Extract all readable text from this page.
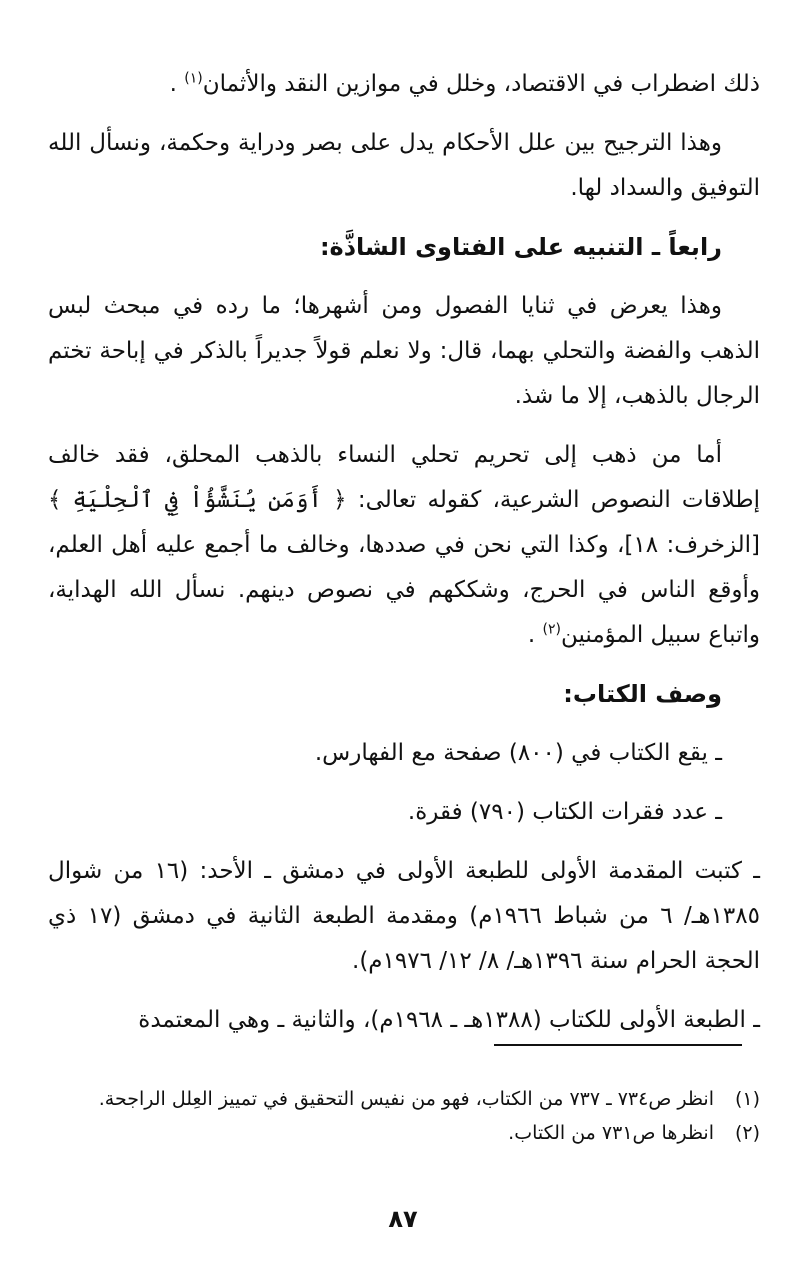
ذلك اضطراب في الاقتصاد، وخلل في موازين النقد والأثمان$^{(١)}$ .

وهذا الترجيح بين علل الأحكام يدل على بصر ودراية وحكمة، ونسأل الله التوفيق والسداد لها.

رابعاً ـ التنبيه على الفتاوى الشاذَّة:

وهذا يعرض في ثنايا الفصول ومن أشهرها؛ ما رده في مبحث لبس الذهب والفضة والتحلي بهما، قال: ولا نعلم قولاً جديراً بالذكر في إباحة تختم الرجال بالذهب، إلا ما شذ.

أما من ذهب إلى تحريم تحلي النساء بالذهب المحلق، فقد خالف إطلاقات النصوص الشرعية، كقوله تعالى: ﴿ أَوَمَن يُنَشَّؤُاْ فِي ٱلْحِلْيَةِ ﴾ [الزخرف: ١٨]، وكذا التي نحن في صددها، وخالف ما أجمع عليه أهل العلم، وأوقع الناس في الحرج، وشككهم في نصوص دينهم. نسأل الله الهداية، واتباع سبيل المؤمنين$^{(٢)}$ .

وصف الكتاب:
ـ يقع الكتاب في (٨٠٠) صفحة مع الفهارس.
ـ عدد فقرات الكتاب (٧٩٠) فقرة.
ـ كتبت المقدمة الأولى للطبعة الأولى في دمشق ـ الأحد: (١٦ من شوال ١٣٨٥هـ/ ٦ من شباط ١٩٦٦م) ومقدمة الطبعة الثانية في دمشق (١٧ ذي الحجة الحرام سنة ١٣٩٦هـ/ ٨/ ١٢/ ١٩٧٦م).
ـ الطبعة الأولى للكتاب (١٣٨٨هـ ـ ١٩٦٨م)، والثانية ـ وهي المعتمدة
(١)
انظر ص٧٣٤ ـ ٧٣٧ من الكتاب، فهو من نفيس التحقيق في تمييز العِلل الراجحة.
(٢)
انظرها ص٧٣١ من الكتاب.
٨٧
